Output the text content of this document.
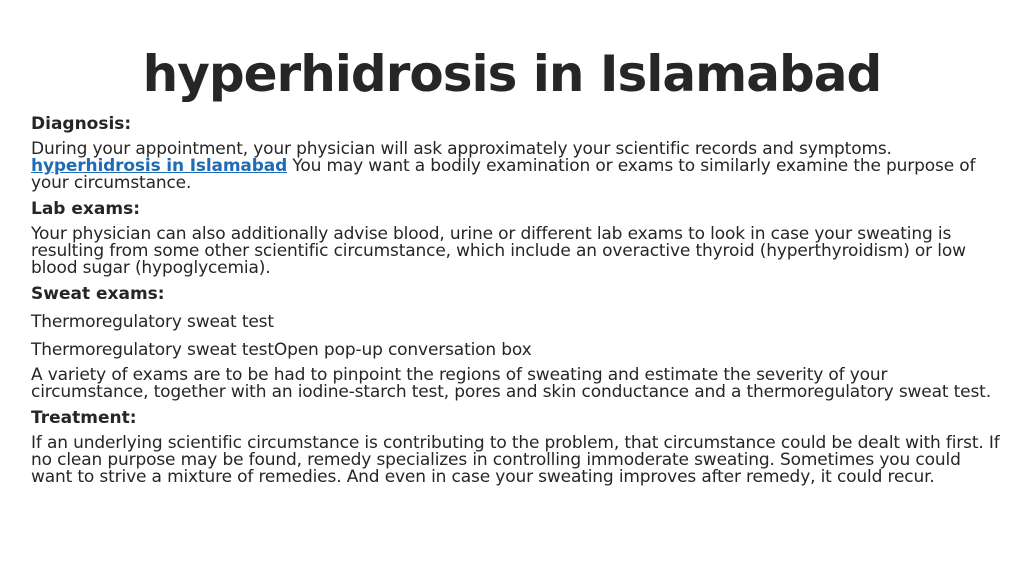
hyperhidrosis in Islamabad
Diagnosis:
During your appointment, your physician will ask approximately your scientific records and symptoms. hyperhidrosis in Islamabad You may want a bodily examination or exams to similarly examine the purpose of your circumstance.
Lab exams:
Your physician can also additionally advise blood, urine or different lab exams to look in case your sweating is resulting from some other scientific circumstance, which include an overactive thyroid (hyperthyroidism) or low blood sugar (hypoglycemia).
Sweat exams:
Thermoregulatory sweat test
Thermoregulatory sweat testOpen pop-up conversation box
A variety of exams are to be had to pinpoint the regions of sweating and estimate the severity of your circumstance, together with an iodine-starch test, pores and skin conductance and a thermoregulatory sweat test.
Treatment:
If an underlying scientific circumstance is contributing to the problem, that circumstance could be dealt with first. If no clean purpose may be found, remedy specializes in controlling immoderate sweating. Sometimes you could want to strive a mixture of remedies. And even in case your sweating improves after remedy, it could recur.
